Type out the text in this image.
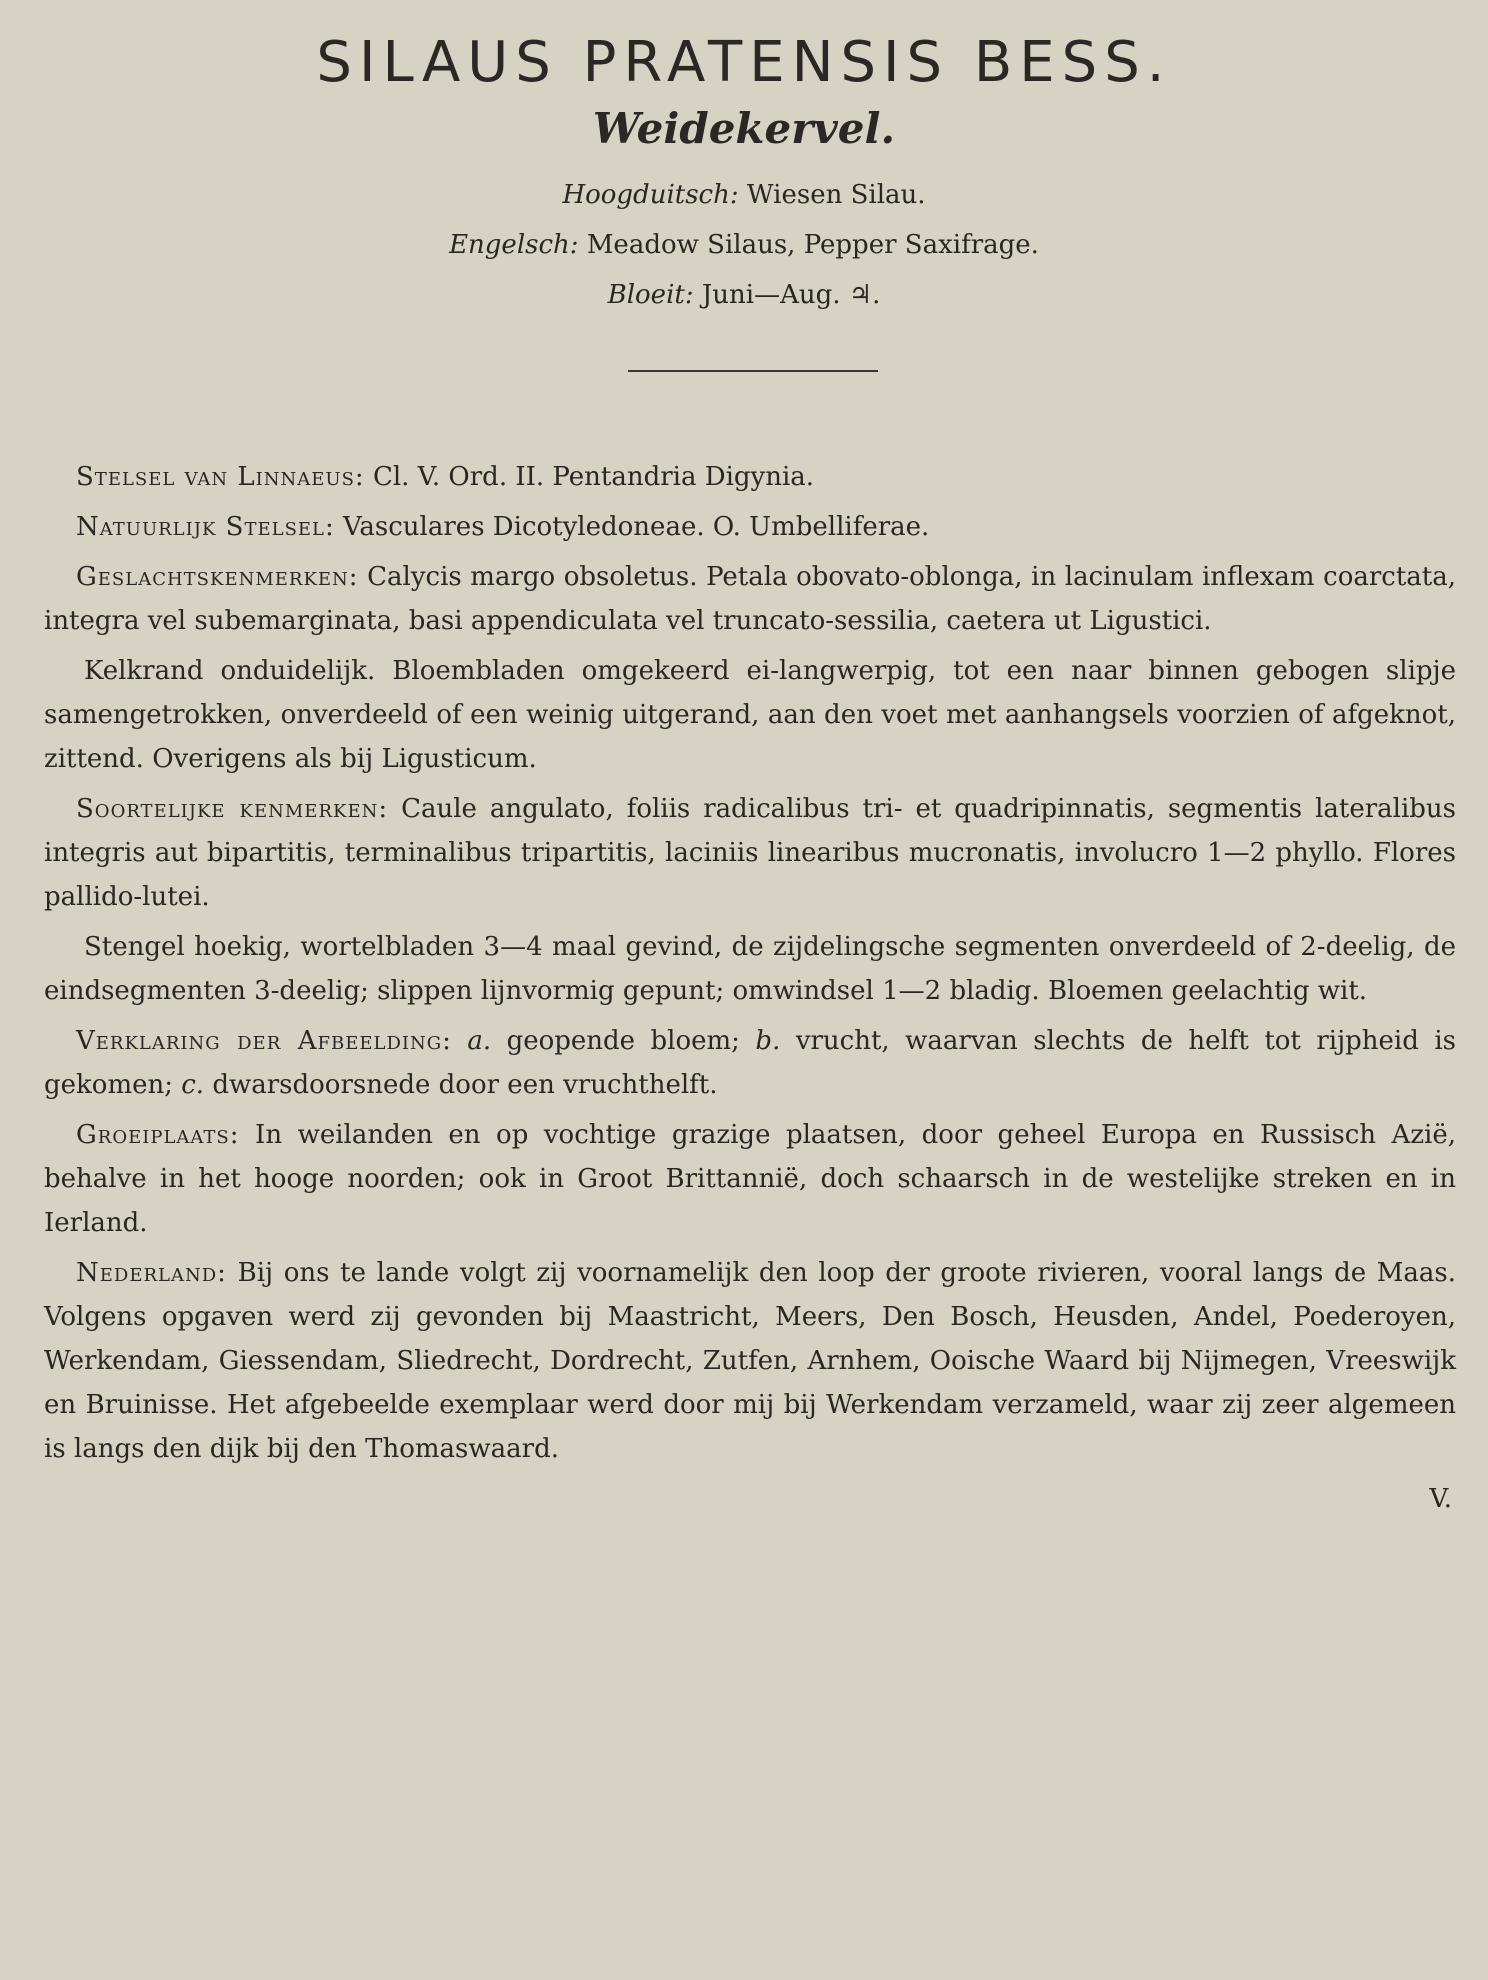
SILAUS PRATENSIS BESS.
Weidekervel.
Hoogduitsch: Wiesen Silau.
Engelsch: Meadow Silaus, Pepper Saxifrage.
Bloeit: Juni—Aug. ♃.

Stelsel van Linnaeus: Cl. V. Ord. II. Pentandria Digynia.

Natuurlijk Stelsel: Vasculares Dicotyledoneae. O. Umbelliferae.

Geslachtskenmerken: Calycis margo obsoletus. Petala obovato-oblonga, in lacinulam inflexam coarctata, integra vel subemarginata, basi appendiculata vel truncato-sessilia, caetera ut Ligustici.

Kelkrand onduidelijk. Bloembladen omgekeerd ei-langwerpig, tot een naar binnen gebogen slipje samengetrokken, onverdeeld of een weinig uitgerand, aan den voet met aanhangsels voorzien of afgeknot, zittend. Overigens als bij Ligusticum.

Soortelijke kenmerken: Caule angulato, foliis radicalibus tri- et quadripinnatis, segmentis lateralibus integris aut bipartitis, terminalibus tripartitis, laciniis linearibus mucronatis, involucro 1—2 phyllo. Flores pallido-lutei.

Stengel hoekig, wortelbladen 3—4 maal gevind, de zijdelingsche segmenten onverdeeld of 2-deelig, de eindsegmenten 3-deelig; slippen lijnvormig gepunt; omwindsel 1—2 bladig. Bloemen geelachtig wit.

Verklaring der Afbeelding: a. geopende bloem; b. vrucht, waarvan slechts de helft tot rijpheid is gekomen; c. dwarsdoorsnede door een vruchthelft.

Groeiplaats: In weilanden en op vochtige grazige plaatsen, door geheel Europa en Russisch Azië, behalve in het hooge noorden; ook in Groot Brittannië, doch schaarsch in de westelijke streken en in Ierland.

Nederland: Bij ons te lande volgt zij voornamelijk den loop der groote rivieren, vooral langs de Maas. Volgens opgaven werd zij gevonden bij Maastricht, Meers, Den Bosch, Heusden, Andel, Poederoyen, Werkendam, Giessendam, Sliedrecht, Dordrecht, Zutfen, Arnhem, Ooische Waard bij Nijmegen, Vreeswijk en Bruinisse. Het afgebeelde exemplaar werd door mij bij Werkendam verzameld, waar zij zeer algemeen is langs den dijk bij den Thomaswaard.

V.
